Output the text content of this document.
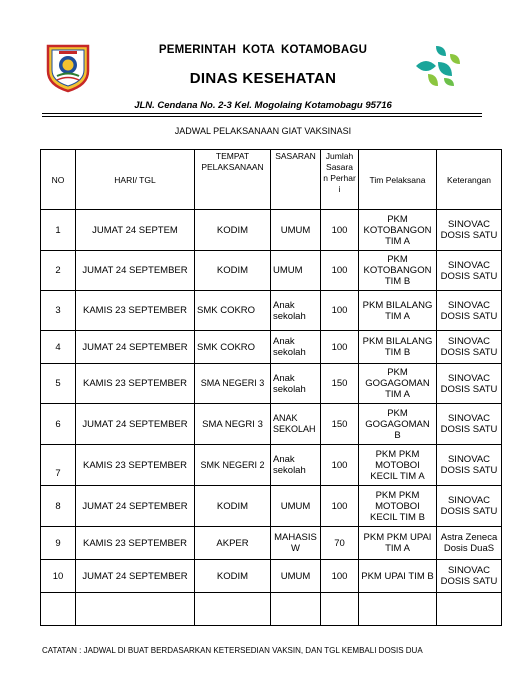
PEMERINTAH KOTA KOTAMOBAGU
DINAS KESEHATAN
JLN. Cendana No. 2-3 Kel. Mogolaing Kotamobagu 95716
JADWAL PELAKSANAAN GIAT VAKSINASI
NO	HARI/ TGL	TEMPAT PELAKSANAAN	SASARAN	Jumlah Sasara n Perhar i	Tim Pelaksana	Keterangan
1	JUMAT 24 SEPTEM	KODIM	UMUM	100	PKM KOTOBANGON TIM A	SINOVAC DOSIS SATU
2	JUMAT 24 SEPTEMBER	KODIM	UMUM	100	PKM KOTOBANGON TIM B	SINOVAC DOSIS SATU
3	KAMIS 23 SEPTEMBER	SMK COKRO	Anak sekolah	100	PKM BILALANG TIM A	SINOVAC DOSIS SATU
4	JUMAT 24 SEPTEMBER	SMK COKRO	Anak sekolah	100	PKM BILALANG TIM B	SINOVAC DOSIS SATU
5	KAMIS 23 SEPTEMBER	SMA NEGERI 3	Anak sekolah	150	PKM GOGAGOMAN TIM A	SINOVAC DOSIS SATU
6	JUMAT 24 SEPTEMBER	SMA NEGRI 3	ANAK SEKOLAH	150	PKM GOGAGOMAN B	SINOVAC DOSIS SATU
7	KAMIS 23 SEPTEMBER	SMK NEGERI 2	Anak sekolah	100	PKM PKM MOTOBOI KECIL TIM A	SINOVAC DOSIS SATU
8	JUMAT 24 SEPTEMBER	KODIM	UMUM	100	PKM PKM MOTOBOI KECIL TIM B	SINOVAC DOSIS SATU
9	KAMIS 23 SEPTEMBER	AKPER	MAHASIS W	70	PKM PKM UPAI TIM A	Astra Zeneca Dosis DuaS
10	JUMAT 24 SEPTEMBER	KODIM	UMUM	100	PKM UPAI TIM B	SINOVAC DOSIS SATU

CATATAN : JADWAL DI BUAT BERDASARKAN KETERSEDIAN VAKSIN, DAN TGL KEMBALI DOSIS DUA
